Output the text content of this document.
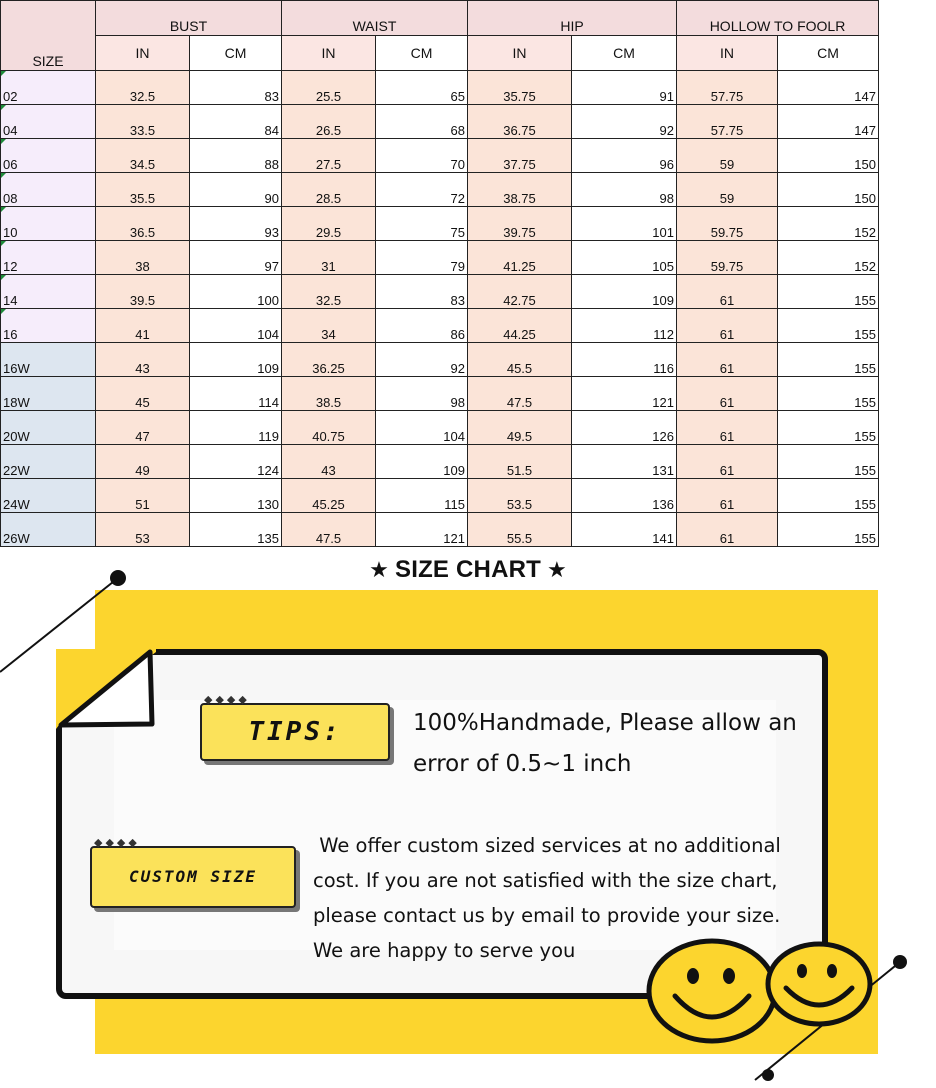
SIZE	BUST		WAIST		HIP		HOLLOW TO FOOLR	
	IN	CM	IN	CM	IN	CM	IN	CM
02	32.5	83	25.5	65	35.75	91	57.75	147
04	33.5	84	26.5	68	36.75	92	57.75	147
06	34.5	88	27.5	70	37.75	96	59	150
08	35.5	90	28.5	72	38.75	98	59	150
10	36.5	93	29.5	75	39.75	101	59.75	152
12	38	97	31	79	41.25	105	59.75	152
14	39.5	100	32.5	83	42.75	109	61	155
16	41	104	34	86	44.25	112	61	155
16W	43	109	36.25	92	45.5	116	61	155
18W	45	114	38.5	98	47.5	121	61	155
20W	47	119	40.75	104	49.5	126	61	155
22W	49	124	43	109	51.5	131	61	155
24W	51	130	45.25	115	53.5	136	61	155
26W	53	135	47.5	121	55.5	141	61	155
★ SIZE CHART ★
◆◆◆◆
TIPS:	100%Handmade, Please allow an
error of 0.5~1 inch
◆◆◆◆
CUSTOM SIZE
We offer custom sized services at no additional
cost. If you are not satisfied with the size chart,
please contact us by email to provide your size.
We are happy to serve you
